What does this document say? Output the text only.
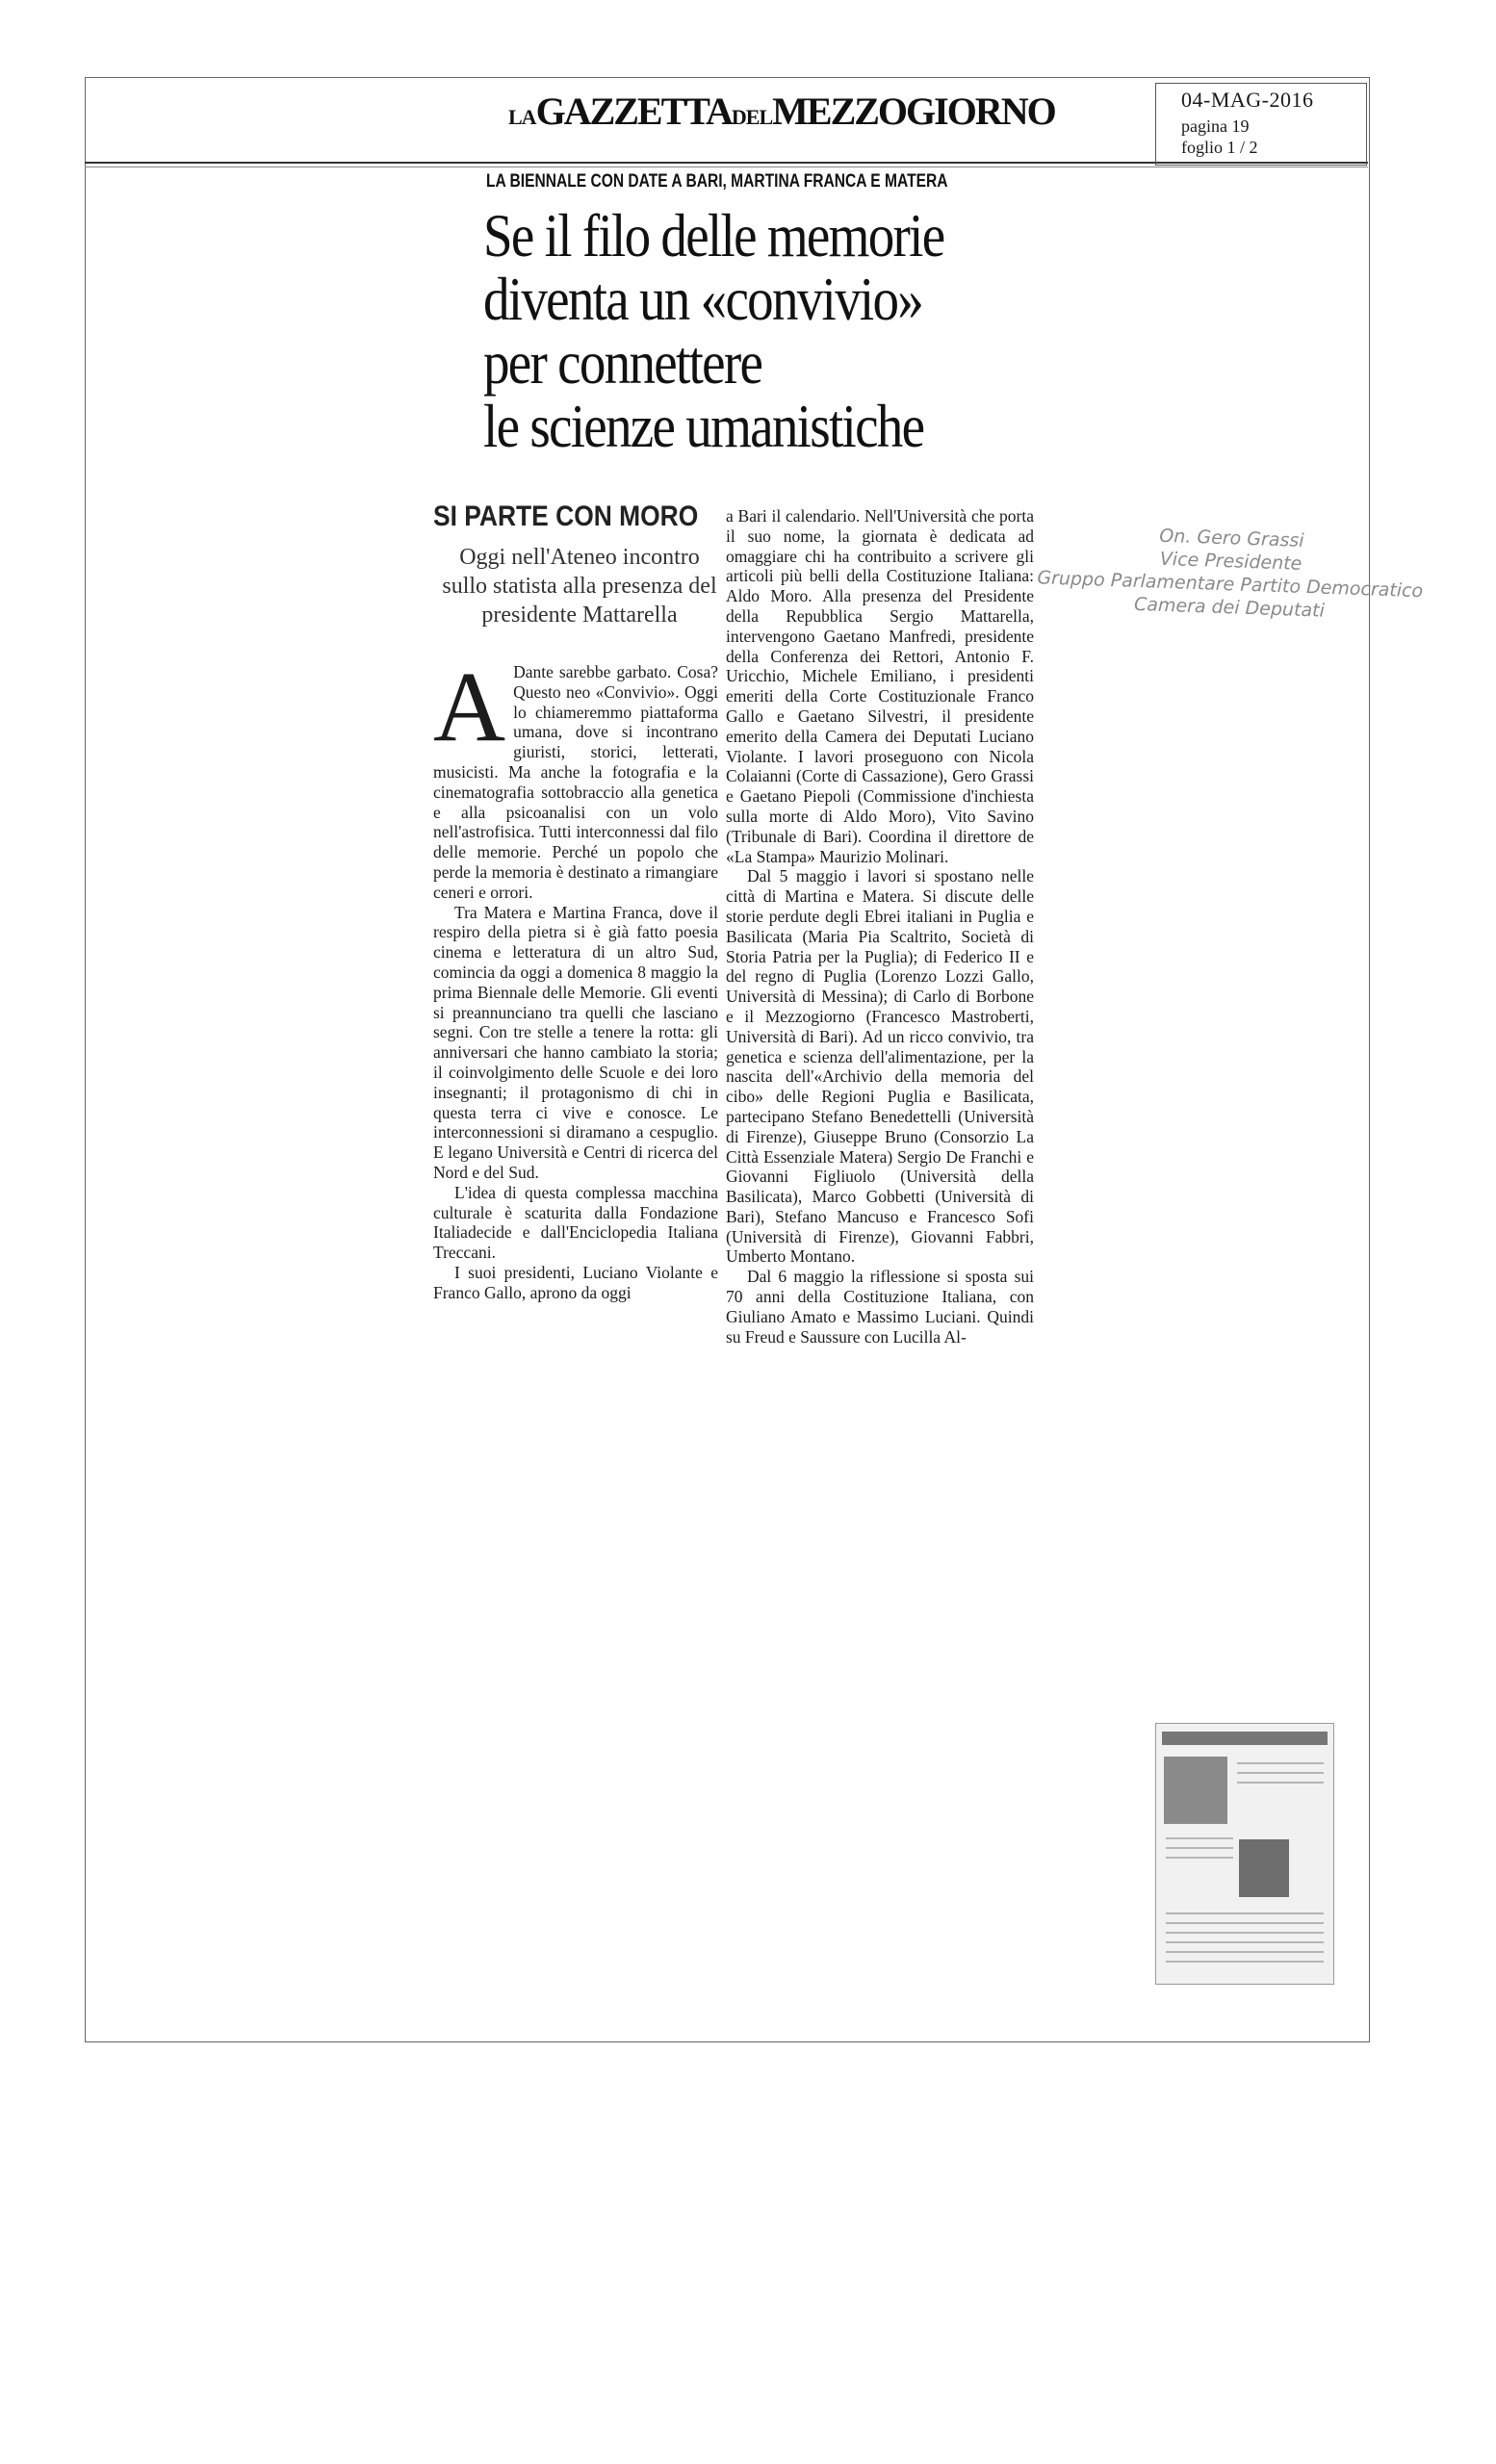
LAGAZZETTADELMEZZOGIORNO	04-MAG-2016
pagina 19
foglio 1 / 2
LA BIENNALE CON DATE A BARI, MARTINA FRANCA E MATERA
Se il filo delle memorie
diventa un «convivio»
per connettere
le scienze umanistiche
SI PARTE CON MORO
Oggi nell'Ateneo incontro sullo statista alla presenza del presidente Mattarella

A Dante sarebbe garbato. Cosa? Questo neo «Convivio». Oggi lo chiameremmo piattaforma umana, dove si incontrano giuristi, storici, letterati, musicisti. Ma anche la fotografia e la cinematografia sottobraccio alla genetica e alla psicoanalisi con un volo nell'astrofisica. Tutti interconnessi dal filo delle memorie. Perché un popolo che perde la memoria è destinato a rimangiare ceneri e orrori.

Tra Matera e Martina Franca, dove il respiro della pietra si è già fatto poesia cinema e letteratura di un altro Sud, comincia da oggi a domenica 8 maggio la prima Biennale delle Memorie. Gli eventi si preannunciano tra quelli che lasciano segni. Con tre stelle a tenere la rotta: gli anniversari che hanno cambiato la storia; il coinvolgimento delle Scuole e dei loro insegnanti; il protagonismo di chi in questa terra ci vive e conosce. Le interconnessioni si diramano a cespuglio. E legano Università e Centri di ricerca del Nord e del Sud.

L'idea di questa complessa macchina culturale è scaturita dalla Fondazione Italiadecide e dall'Enciclopedia Italiana Treccani.

I suoi presidenti, Luciano Violante e Franco Gallo, aprono da oggi

a Bari il calendario. Nell'Università che porta il suo nome, la giornata è dedicata ad omaggiare chi ha contribuito a scrivere gli articoli più belli della Costituzione Italiana: Aldo Moro. Alla presenza del Presidente della Repubblica Sergio Mattarella, intervengono Gaetano Manfredi, presidente della Conferenza dei Rettori, Antonio F. Uricchio, Michele Emiliano, i presidenti emeriti della Corte Costituzionale Franco Gallo e Gaetano Silvestri, il presidente emerito della Camera dei Deputati Luciano Violante. I lavori proseguono con Nicola Colaianni (Corte di Cassazione), Gero Grassi e Gaetano Piepoli (Commissione d'inchiesta sulla morte di Aldo Moro), Vito Savino (Tribunale di Bari). Coordina il direttore de «La Stampa» Maurizio Molinari.

Dal 5 maggio i lavori si spostano nelle città di Martina e Matera. Si discute delle storie perdute degli Ebrei italiani in Puglia e Basilicata (Maria Pia Scaltrito, Società di Storia Patria per la Puglia); di Federico II e del regno di Puglia (Lorenzo Lozzi Gallo, Università di Messina); di Carlo di Borbone e il Mezzogiorno (Francesco Mastroberti, Università di Bari). Ad un ricco convivio, tra genetica e scienza dell'alimentazione, per la nascita dell'«Archivio della memoria del cibo» delle Regioni Puglia e Basilicata, partecipano Stefano Benedettelli (Università di Firenze), Giuseppe Bruno (Consorzio La Città Essenziale Matera) Sergio De Franchi e Giovanni Figliuolo (Università della Basilicata), Marco Gobbetti (Università di Bari), Stefano Mancuso e Francesco Sofi (Università di Firenze), Giovanni Fabbri, Umberto Montano.

Dal 6 maggio la riflessione si sposta sui 70 anni della Costituzione Italiana, con Giuliano Amato e Massimo Luciani. Quindi su Freud e Saussure con Lucilla Al-

On. Gero Grassi
Vice Presidente
Gruppo Parlamentare Partito Democratico
Camera dei Deputati
